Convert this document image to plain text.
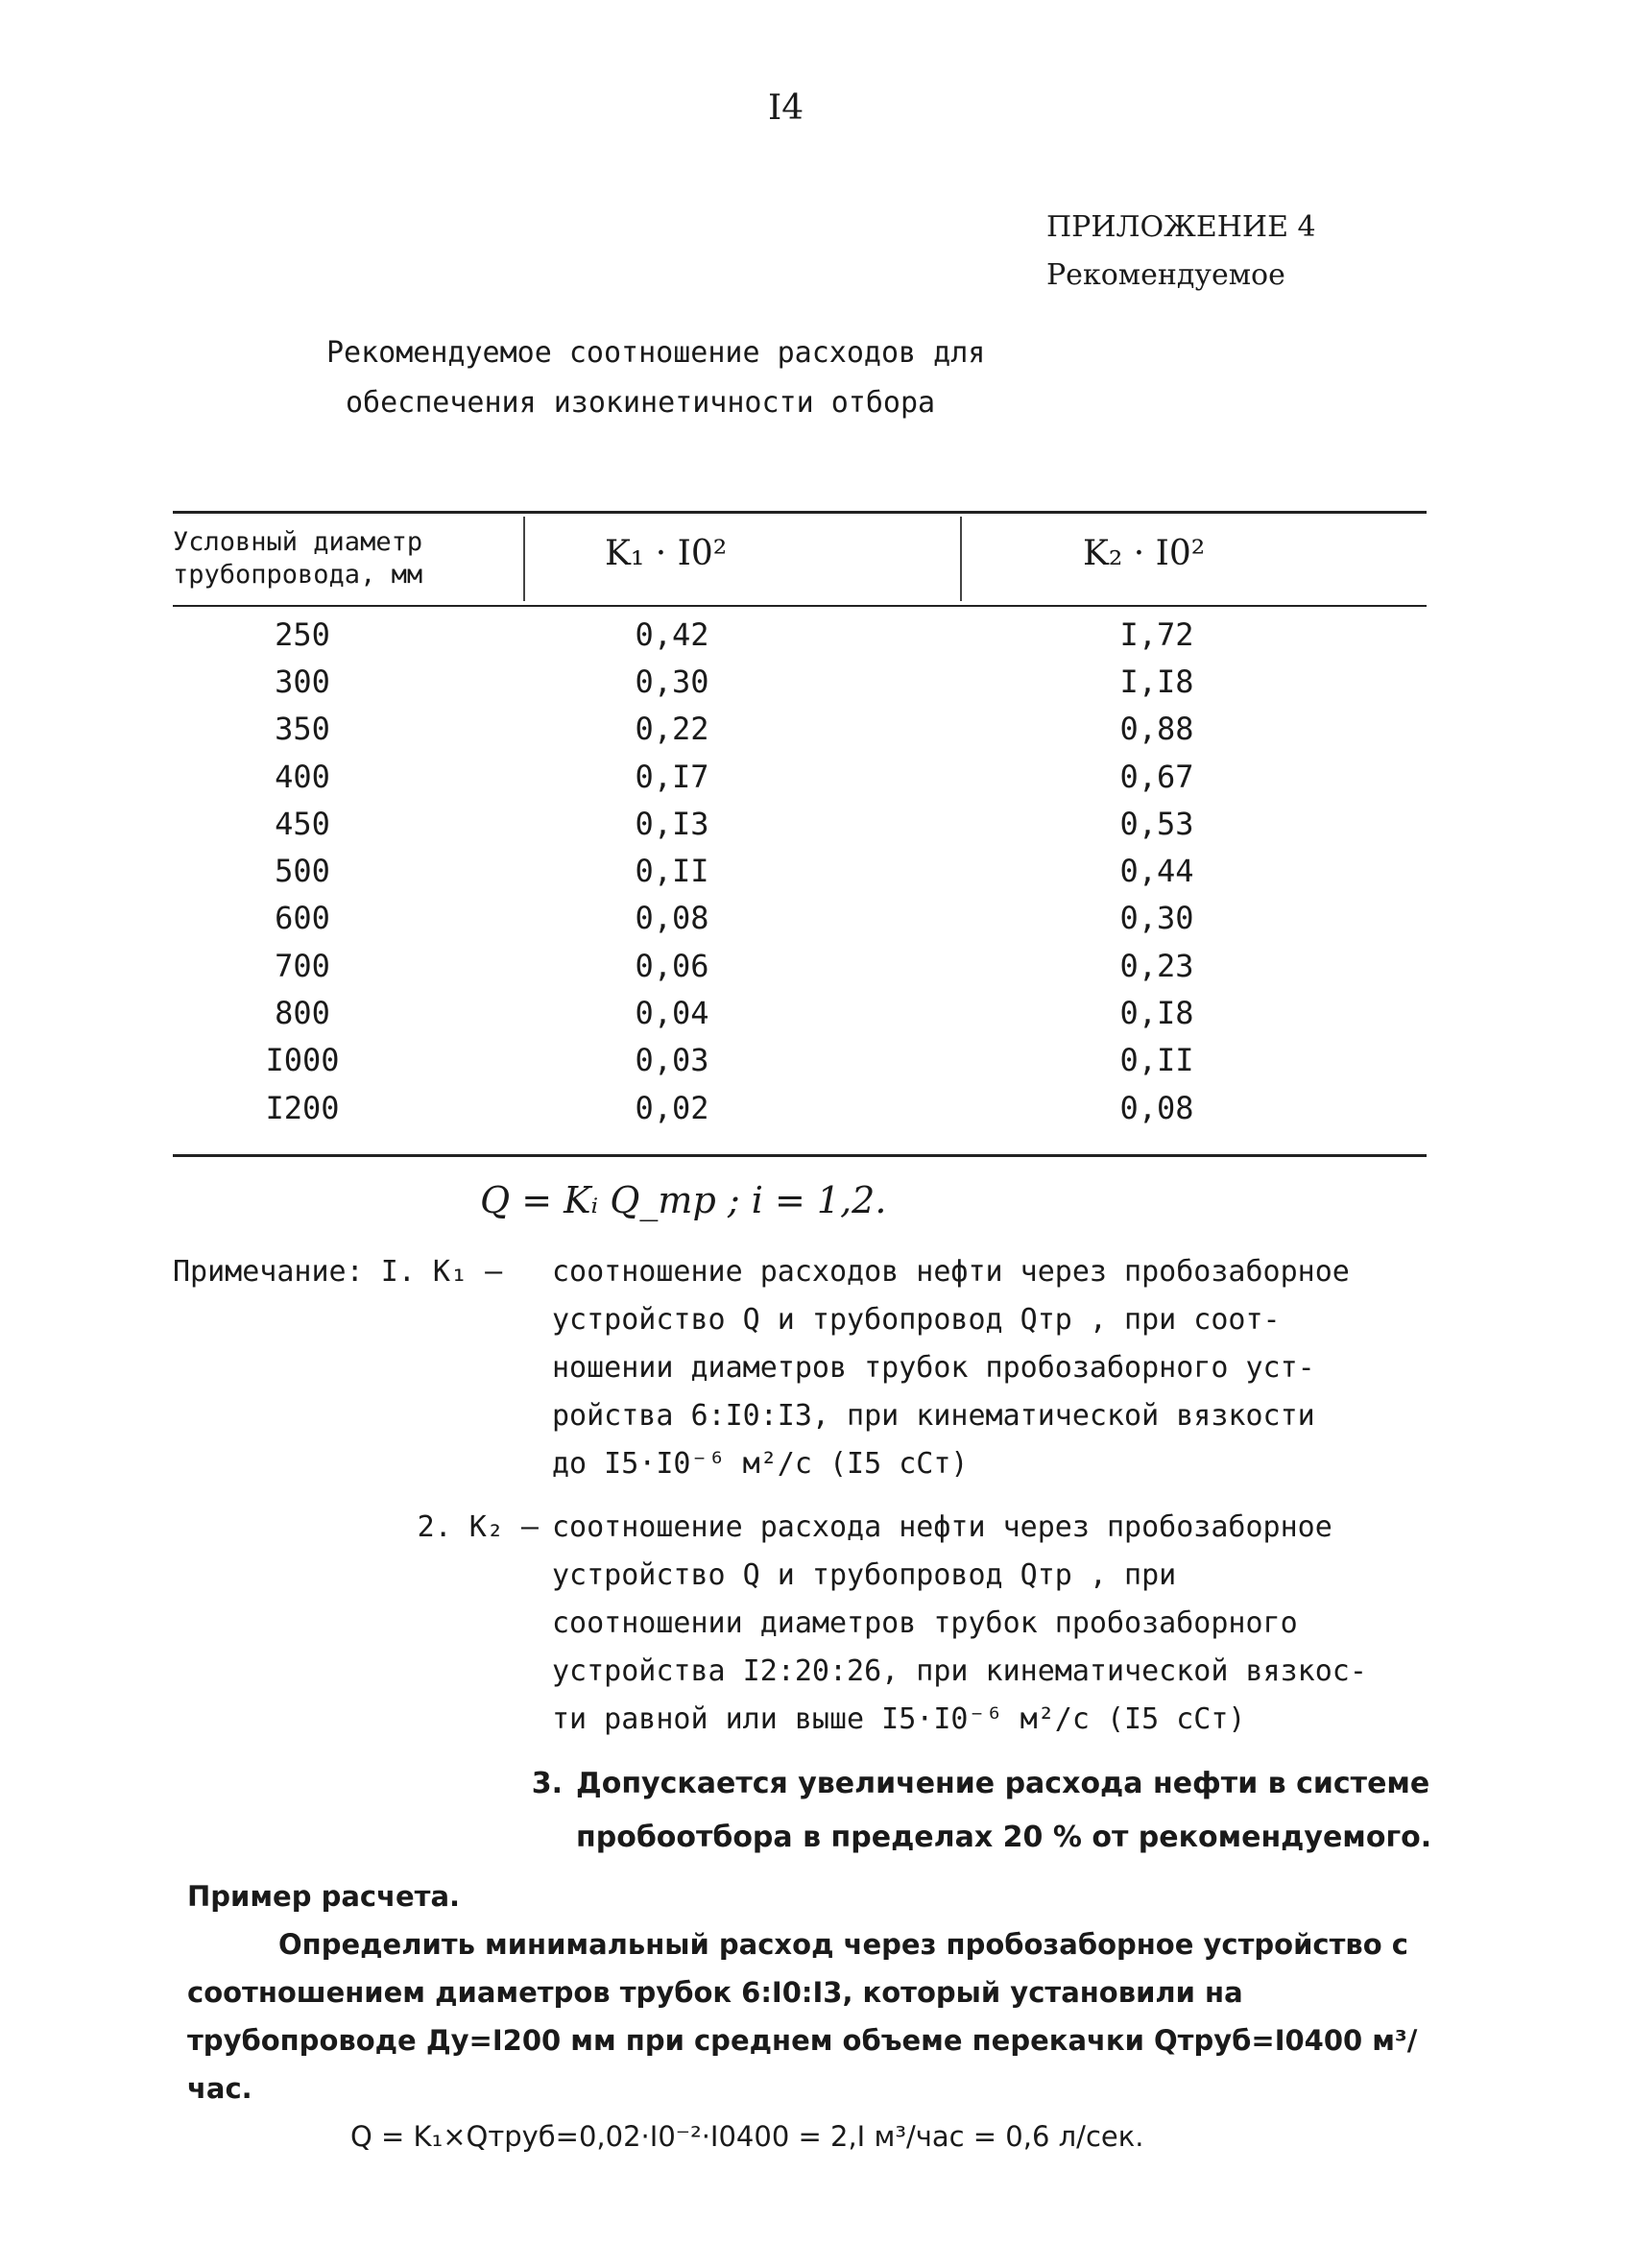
I4
ПРИЛОЖЕНИЕ 4
Рекомендуемое
Рекомендуемое соотношение расходов для
обеспечения изокинетичности отбора
Условный диаметр
трубопровода, мм
K₁ · I0²	K₂ · I0²
250	0,42	I,72
300	0,30	I,I8
350	0,22	0,88
400	0,I7	0,67
450	0,I3	0,53
500	0,II	0,44
600	0,08	0,30
700	0,06	0,23
800	0,04	0,I8
I000	0,03	0,II
I200	0,02	0,08
Q = Kᵢ Q_тр ; i = 1,2.
Примечание: I. K₁ –	соотношение расходов нефти через пробозаборное
устройство Q и трубопровод Qтр , при соот-
ношении диаметров трубок пробозаборного уст-
ройства 6:I0:I3, при кинематической вязкости
до I5·I0⁻⁶ м²/с (I5 сСт)
2. K₂ – соотношение расхода нефти через пробозаборное
устройство Q и трубопровод Qтр , при
соотношении диаметров трубок пробозаборного
устройства I2:20:26, при кинематической вязкос-
ти равной или выше I5·I0⁻⁶ м²/с (I5 сСт)
3. Допускается увеличение расхода нефти в системе
пробоотбора в пределах 20 % от рекомендуемого.
Пример расчета.
Определить минимальный расход через пробозаборное устройство с соотношением диаметров трубок 6:I0:I3, который установили на трубопроводе Ду=I200 мм при среднем объеме перекачки Qтруб=I0400 м³/час.
Q = K₁×Qтруб=0,02·I0⁻²·I0400 = 2,I м³/час = 0,6 л/сек.
